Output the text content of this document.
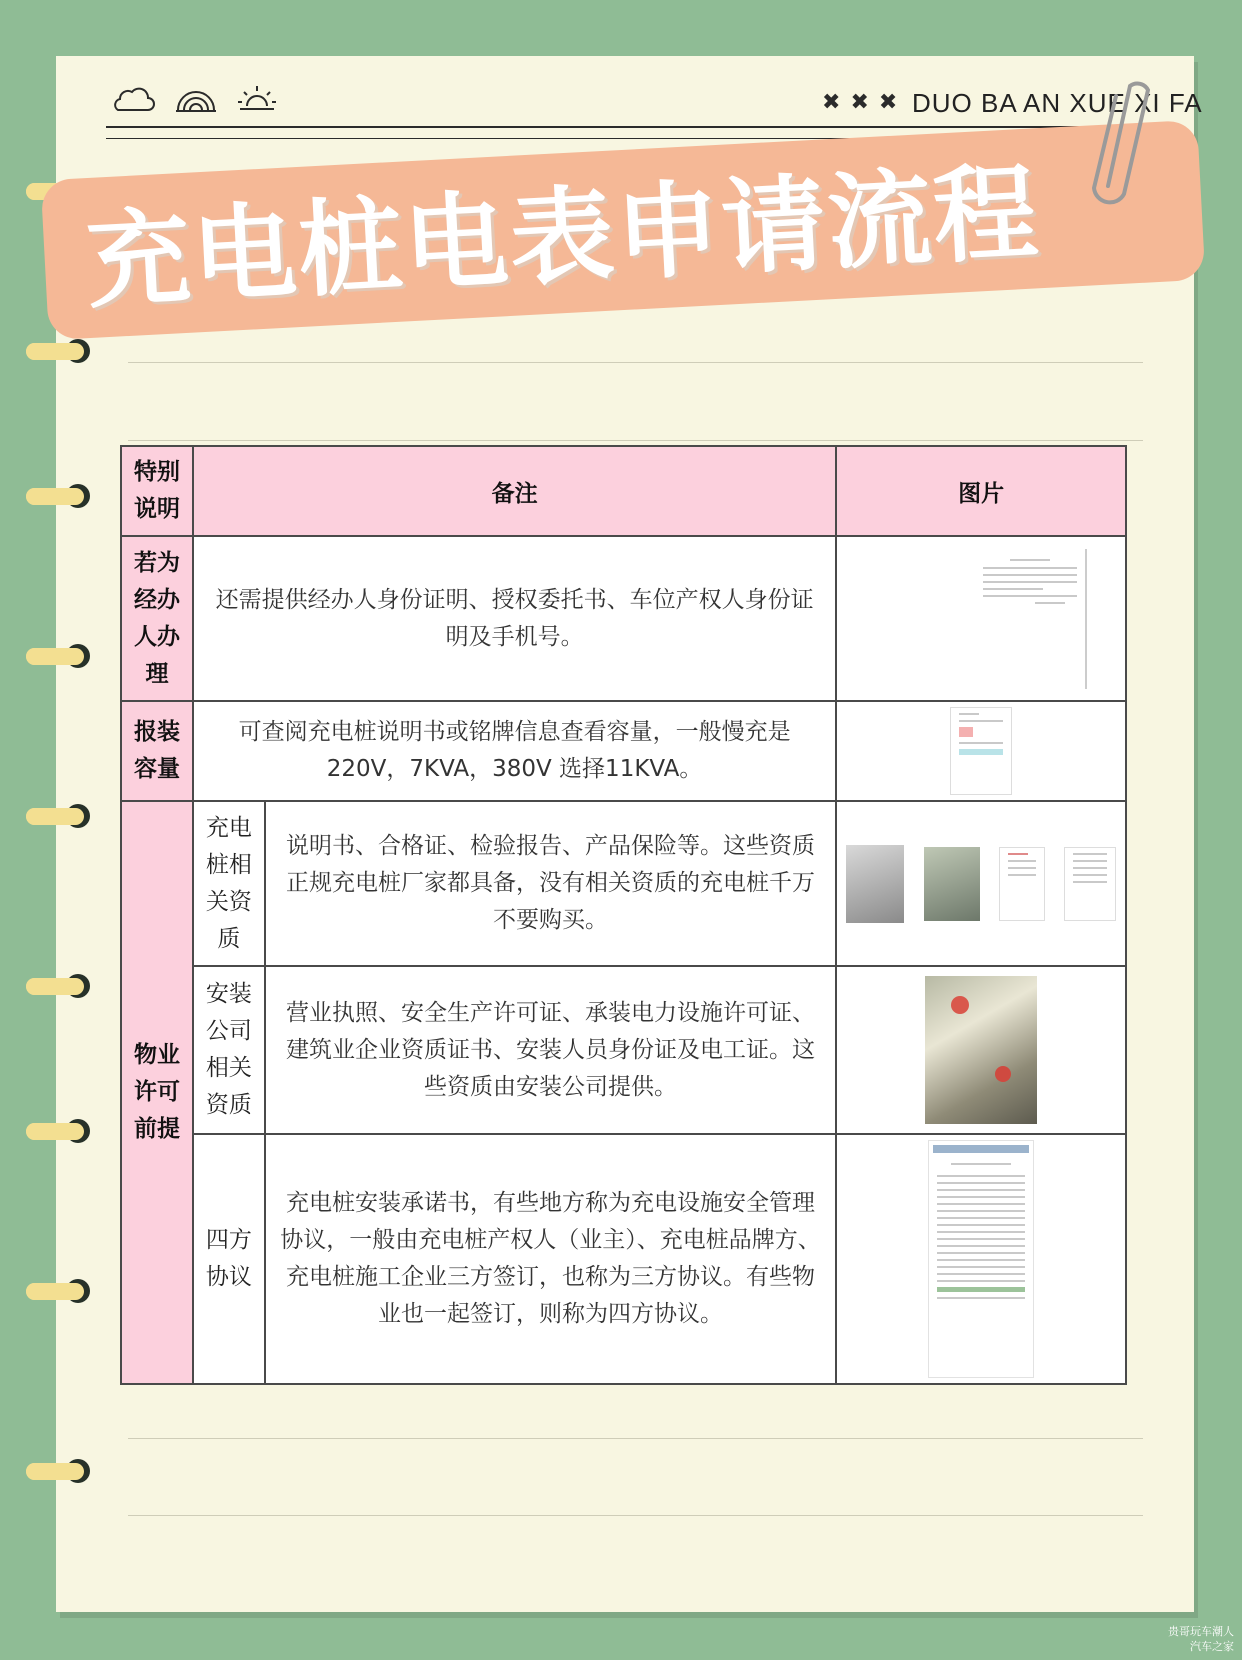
✖ ✖ ✖ DUO BA AN XUE XI FA
充电桩电表申请流程
特别说明	备注		图片
若为经办人办理	还需提供经办人身份证明、授权委托书、车位产权人身份证明及手机号。		

报装容量	可查阅充电桩说明书或铭牌信息查看容量，一般慢充是220V，7KVA，380V 选择11KVA。		

物业许可前提	充电桩相关资质	说明书、合格证、检验报告、产品保险等。这些资质正规充电桩厂家都具备，没有相关资质的充电桩千万不要购买。	

	安装公司相关资质	营业执照、安全生产许可证、承装电力设施许可证、建筑业企业资质证书、安装人员身份证及电工证。这些资质由安装公司提供。	

	四方协议	充电桩安装承诺书，有些地方称为充电设施安全管理协议，一般由充电桩产权人（业主）、充电桩品牌方、充电桩施工企业三方签订，也称为三方协议。有些物业也一起签订，则称为四方协议。	
贵哥玩车潮人
汽车之家
